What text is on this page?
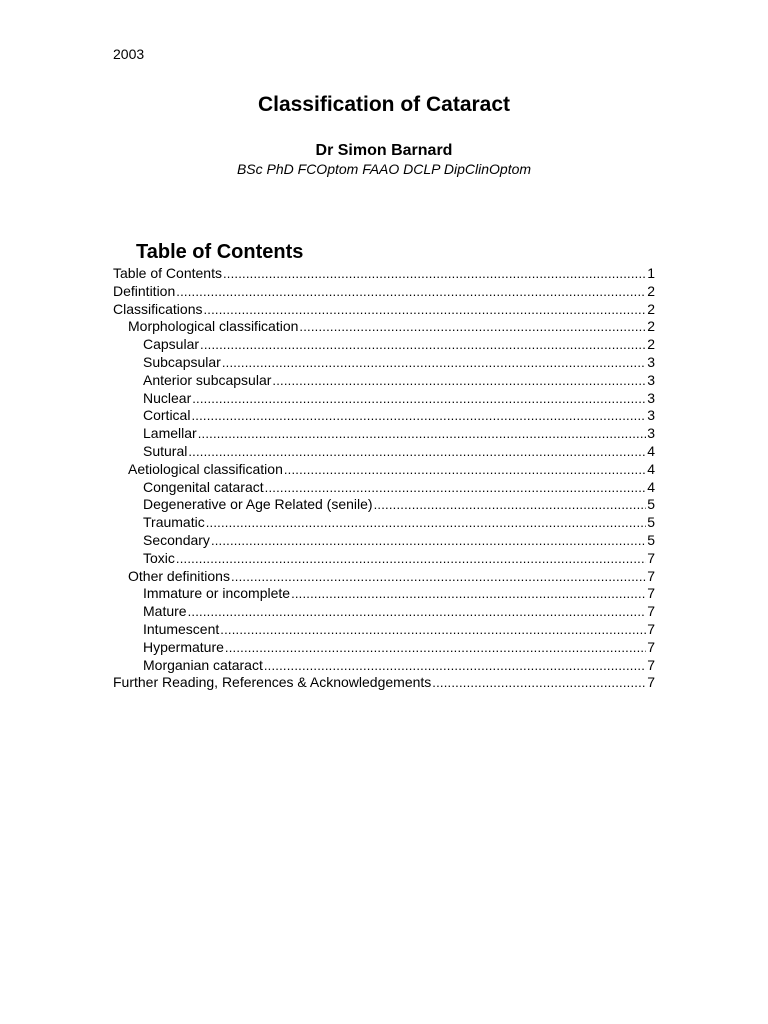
2003
Classification of Cataract
Dr Simon Barnard
BSc PhD FCOptom FAAO DCLP DipClinOptom
Table of Contents
Table of Contents .....	1
Defintition .....	2
Classifications .....	2
Morphological classification .....	2
Capsular .....	2
Subcapsular .....	3
Anterior subcapsular .....	3
Nuclear .....	3
Cortical .....	3
Lamellar .....	3
Sutural .....	4
Aetiological classification .....	4
Congenital cataract .....	4
Degenerative or Age Related (senile) .....	5
Traumatic .....	5
Secondary .....	5
Toxic .....	7
Other definitions .....	7
Immature or incomplete .....	7
Mature .....	7
Intumescent .....	7
Hypermature .....	7
Morganian cataract .....	7
Further Reading, References & Acknowledgements .....	7
